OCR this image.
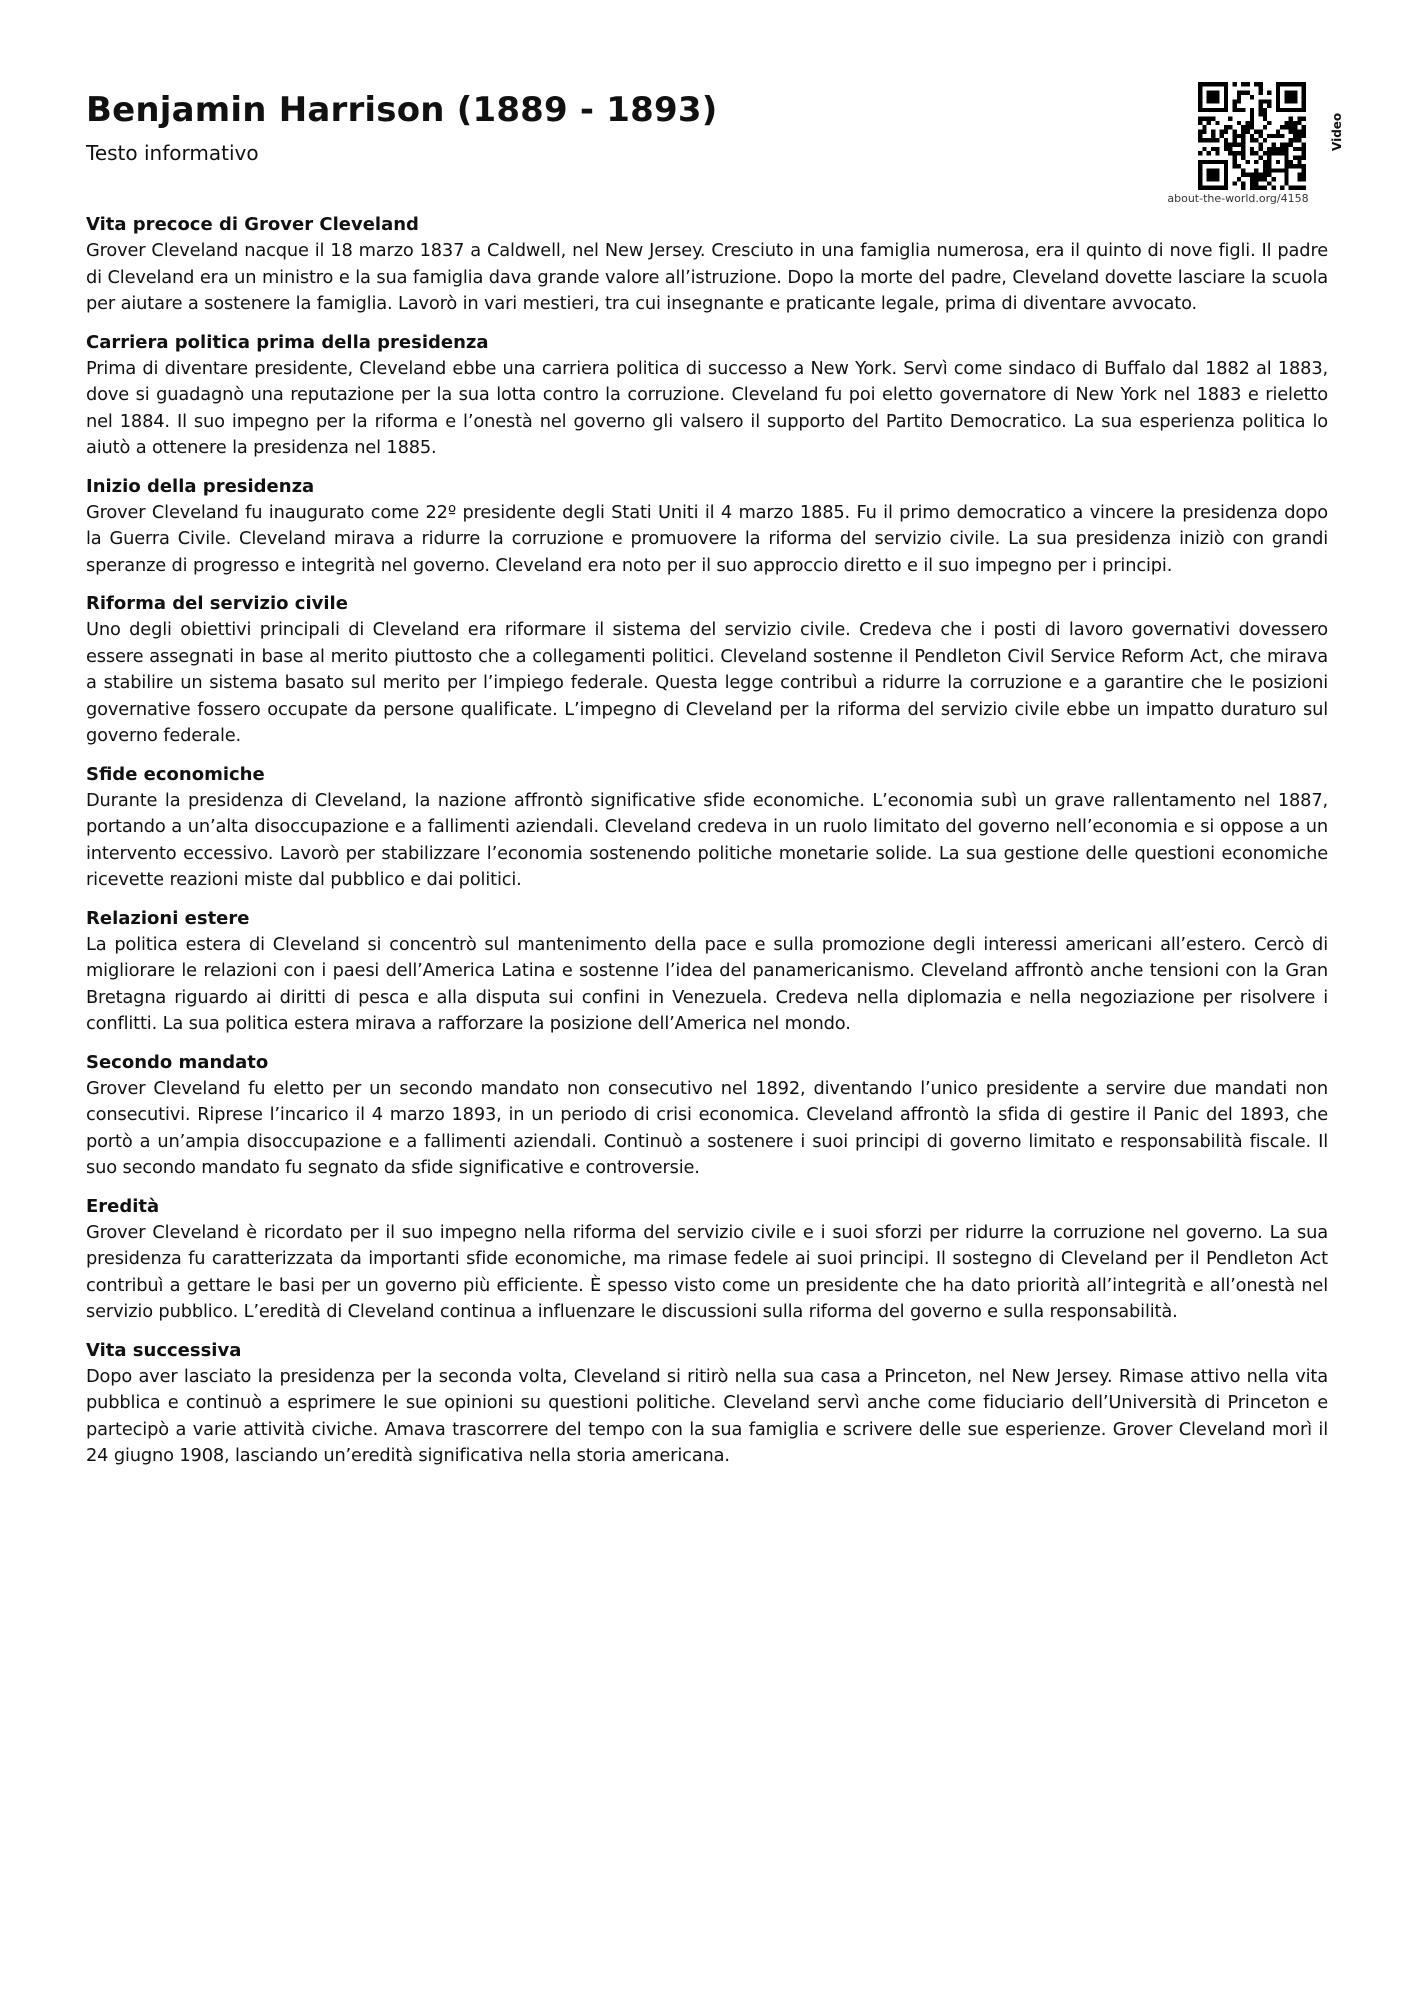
Benjamin Harrison (1889 - 1893)
Testo informativo
about-the-world.org/4158
Video
Vita precoce di Grover Cleveland

Grover Cleveland nacque il 18 marzo 1837 a Caldwell, nel New Jersey. Cresciuto in una famiglia numerosa, era il quinto di nove figli. Il padre di Cleveland era un ministro e la sua famiglia dava grande valore all’istruzione. Dopo la morte del padre, Cleveland dovette lasciare la scuola per aiutare a sostenere la famiglia. Lavorò in vari mestieri, tra cui insegnante e praticante legale, prima di diventare avvocato.

Carriera politica prima della presidenza

Prima di diventare presidente, Cleveland ebbe una carriera politica di successo a New York. Servì come sindaco di Buffalo dal 1882 al 1883, dove si guadagnò una reputazione per la sua lotta contro la corruzione. Cleveland fu poi eletto governatore di New York nel 1883 e rieletto nel 1884. Il suo impegno per la riforma e l’onestà nel governo gli valsero il supporto del Partito Democratico. La sua esperienza politica lo aiutò a ottenere la presidenza nel 1885.

Inizio della presidenza

Grover Cleveland fu inaugurato come 22º presidente degli Stati Uniti il 4 marzo 1885. Fu il primo democratico a vincere la presidenza dopo la Guerra Civile. Cleveland mirava a ridurre la corruzione e promuovere la riforma del servizio civile. La sua presidenza iniziò con grandi speranze di progresso e integrità nel governo. Cleveland era noto per il suo approccio diretto e il suo impegno per i principi.

Riforma del servizio civile

Uno degli obiettivi principali di Cleveland era riformare il sistema del servizio civile. Credeva che i posti di lavoro governativi dovessero essere assegnati in base al merito piuttosto che a collegamenti politici. Cleveland sostenne il Pendleton Civil Service Reform Act, che mirava a stabilire un sistema basato sul merito per l’impiego federale. Questa legge contribuì a ridurre la corruzione e a garantire che le posizioni governative fossero occupate da persone qualificate. L’impegno di Cleveland per la riforma del servizio civile ebbe un impatto duraturo sul governo federale.

Sfide economiche

Durante la presidenza di Cleveland, la nazione affrontò significative sfide economiche. L’economia subì un grave rallentamento nel 1887, portando a un’alta disoccupazione e a fallimenti aziendali. Cleveland credeva in un ruolo limitato del governo nell’economia e si oppose a un intervento eccessivo. Lavorò per stabilizzare l’economia sostenendo politiche monetarie solide. La sua gestione delle questioni economiche ricevette reazioni miste dal pubblico e dai politici.

Relazioni estere

La politica estera di Cleveland si concentrò sul mantenimento della pace e sulla promozione degli interessi americani all’estero. Cercò di migliorare le relazioni con i paesi dell’America Latina e sostenne l’idea del panamericanismo. Cleveland affrontò anche tensioni con la Gran Bretagna riguardo ai diritti di pesca e alla disputa sui confini in Venezuela. Credeva nella diplomazia e nella negoziazione per risolvere i conflitti. La sua politica estera mirava a rafforzare la posizione dell’America nel mondo.

Secondo mandato

Grover Cleveland fu eletto per un secondo mandato non consecutivo nel 1892, diventando l’unico presidente a servire due mandati non consecutivi. Riprese l’incarico il 4 marzo 1893, in un periodo di crisi economica. Cleveland affrontò la sfida di gestire il Panic del 1893, che portò a un’ampia disoccupazione e a fallimenti aziendali. Continuò a sostenere i suoi principi di governo limitato e responsabilità fiscale. Il suo secondo mandato fu segnato da sfide significative e controversie.

Eredità

Grover Cleveland è ricordato per il suo impegno nella riforma del servizio civile e i suoi sforzi per ridurre la corruzione nel governo. La sua presidenza fu caratterizzata da importanti sfide economiche, ma rimase fedele ai suoi principi. Il sostegno di Cleveland per il Pendleton Act contribuì a gettare le basi per un governo più efficiente. È spesso visto come un presidente che ha dato priorità all’integrità e all’onestà nel servizio pubblico. L’eredità di Cleveland continua a influenzare le discussioni sulla riforma del governo e sulla responsabilità.

Vita successiva

Dopo aver lasciato la presidenza per la seconda volta, Cleveland si ritirò nella sua casa a Princeton, nel New Jersey. Rimase attivo nella vita pubblica e continuò a esprimere le sue opinioni su questioni politiche. Cleveland servì anche come fiduciario dell’Università di Princeton e partecipò a varie attività civiche. Amava trascorrere del tempo con la sua famiglia e scrivere delle sue esperienze. Grover Cleveland morì il 24 giugno 1908, lasciando un’eredità significativa nella storia americana.
